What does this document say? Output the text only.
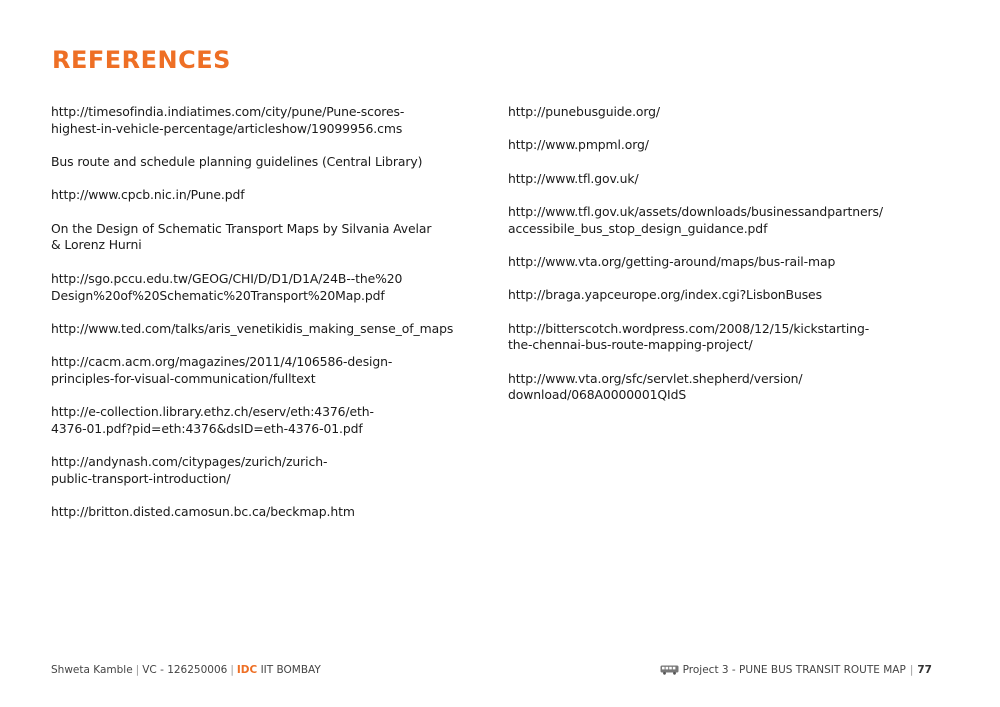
REFERENCES

http://timesofindia.indiatimes.com/city/pune/Pune-scores-
highest-in-vehicle-percentage/articleshow/19099956.cms

Bus route and schedule planning guidelines (Central Library)

http://www.cpcb.nic.in/Pune.pdf

On the Design of Schematic Transport Maps by Silvania Avelar
& Lorenz Hurni

http://sgo.pccu.edu.tw/GEOG/CHI/D/D1/D1A/24B--the%20
Design%20of%20Schematic%20Transport%20Map.pdf

http://www.ted.com/talks/aris_venetikidis_making_sense_of_maps

http://cacm.acm.org/magazines/2011/4/106586-design-
principles-for-visual-communication/fulltext

http://e-collection.library.ethz.ch/eserv/eth:4376/eth-
4376-01.pdf?pid=eth:4376&dsID=eth-4376-01.pdf

http://andynash.com/citypages/zurich/zurich-
public-transport-introduction/

http://britton.disted.camosun.bc.ca/beckmap.htm

http://punebusguide.org/

http://www.pmpml.org/

http://www.tfl.gov.uk/

http://www.tfl.gov.uk/assets/downloads/businessandpartners/
accessibile_bus_stop_design_guidance.pdf

http://www.vta.org/getting-around/maps/bus-rail-map

http://braga.yapceurope.org/index.cgi?LisbonBuses

http://bitterscotch.wordpress.com/2008/12/15/kickstarting-
the-chennai-bus-route-mapping-project/

http://www.vta.org/sfc/servlet.shepherd/version/
download/068A0000001QIdS

Shweta Kamble | VC - 126250006 | IDC IIT BOMBAY	Project 3 - PUNE BUS TRANSIT ROUTE MAP | 77
